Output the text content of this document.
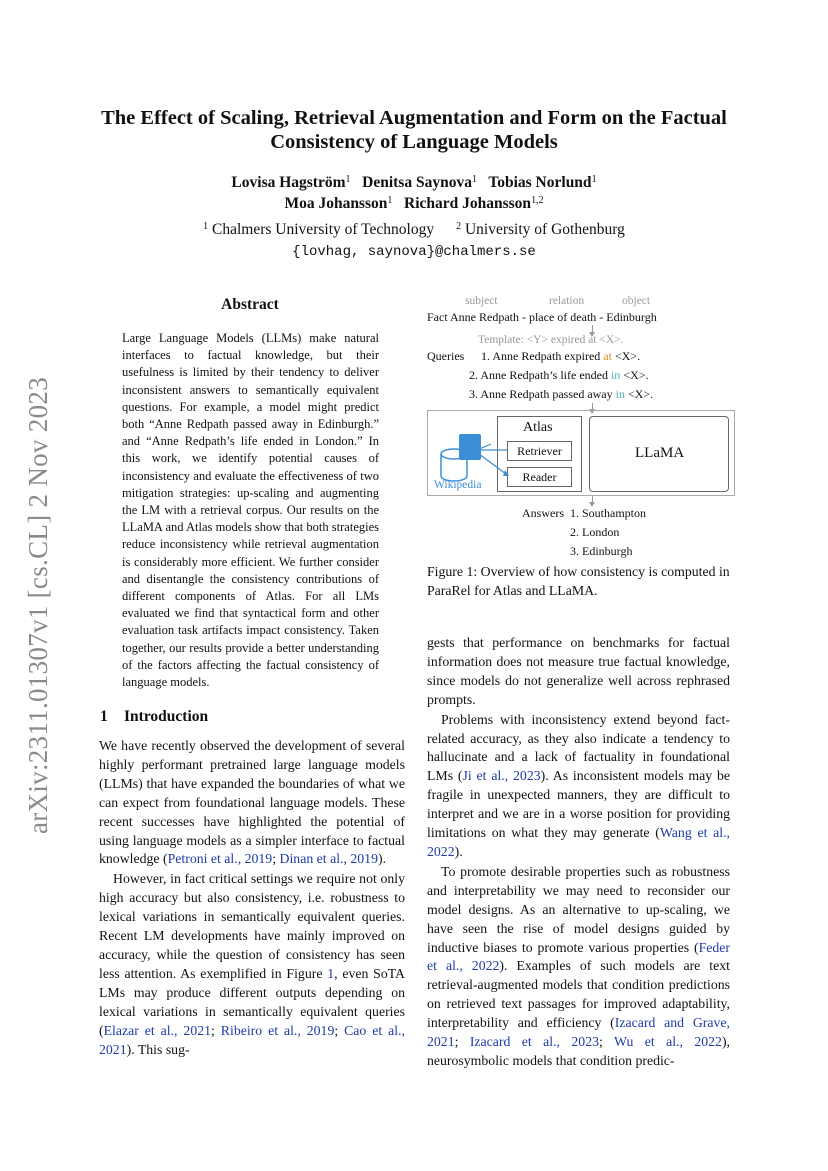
arXiv:2311.01307v1 [cs.CL] 2 Nov 2023
The Effect of Scaling, Retrieval Augmentation and Form on the Factual Consistency of Language Models
Lovisa Hagström$^1$ Denitsa Saynova$^1$ Tobias Norlund$^1$
Moa Johansson$^1$ Richard Johansson$^{1,2}$
$^1$ Chalmers University of Technology $^2$ University of Gothenburg
{lovhag, saynova}@chalmers.se
Abstract
Large Language Models (LLMs) make natural interfaces to factual knowledge, but their usefulness is limited by their tendency to deliver inconsistent answers to semantically equivalent questions. For example, a model might predict both “Anne Redpath passed away in Edinburgh.” and “Anne Redpath’s life ended in London.” In this work, we identify potential causes of inconsistency and evaluate the effectiveness of two mitigation strategies: up-scaling and augmenting the LM with a retrieval corpus. Our results on the LLaMA and Atlas models show that both strategies reduce inconsistency while retrieval augmentation is considerably more efficient. We further consider and disentangle the consistency contributions of different components of Atlas. For all LMs evaluated we find that syntactical form and other evaluation task artifacts impact consistency. Taken together, our results provide a better understanding of the factors affecting the factual consistency of language models.
1 Introduction

We have recently observed the development of several highly performant pretrained large language models (LLMs) that have expanded the boundaries of what we can expect from foundational language models. These recent successes have highlighted the potential of using language models as a simpler interface to factual knowledge (Petroni et al., 2019; Dinan et al., 2019).

However, in fact critical settings we require not only high accuracy but also consistency, i.e. robustness to lexical variations in semantically equivalent queries. Recent LM developments have mainly improved on accuracy, while the question of consistency has seen less attention. As exemplified in Figure 1, even SoTA LMs may produce different outputs depending on lexical variations in semantically equivalent queries (Elazar et al., 2021; Ribeiro et al., 2019; Cao et al., 2021). This sug-

subject	relation	object
Fact Anne Redpath - place of death - Edinburgh
Template: <Y> expired at <X>.
Queries 1. Anne Redpath expired at <X>.
2. Anne Redpath’s life ended in <X>.
3. Anne Redpath passed away in <X>.
Wikipedia
Atlas
Retriever
Reader
LLaMA
Answers 1. Southampton
2. London
3. Edinburgh
Figure 1: Overview of how consistency is computed in ParaRel for Atlas and LLaMA.

gests that performance on benchmarks for factual information does not measure true factual knowledge, since models do not generalize well across rephrased prompts.

Problems with inconsistency extend beyond fact-related accuracy, as they also indicate a tendency to hallucinate and a lack of factuality in foundational LMs (Ji et al., 2023). As inconsistent models may be fragile in unexpected manners, they are difficult to interpret and we are in a worse position for providing limitations on what they may generate (Wang et al., 2022).

To promote desirable properties such as robustness and interpretability we may need to reconsider our model designs. As an alternative to up-scaling, we have seen the rise of model designs guided by inductive biases to promote various properties (Feder et al., 2022). Examples of such models are text retrieval-augmented models that condition predictions on retrieved text passages for improved adaptability, interpretability and efficiency (Izacard and Grave, 2021; Izacard et al., 2023; Wu et al., 2022), neurosymbolic models that condition predic-
